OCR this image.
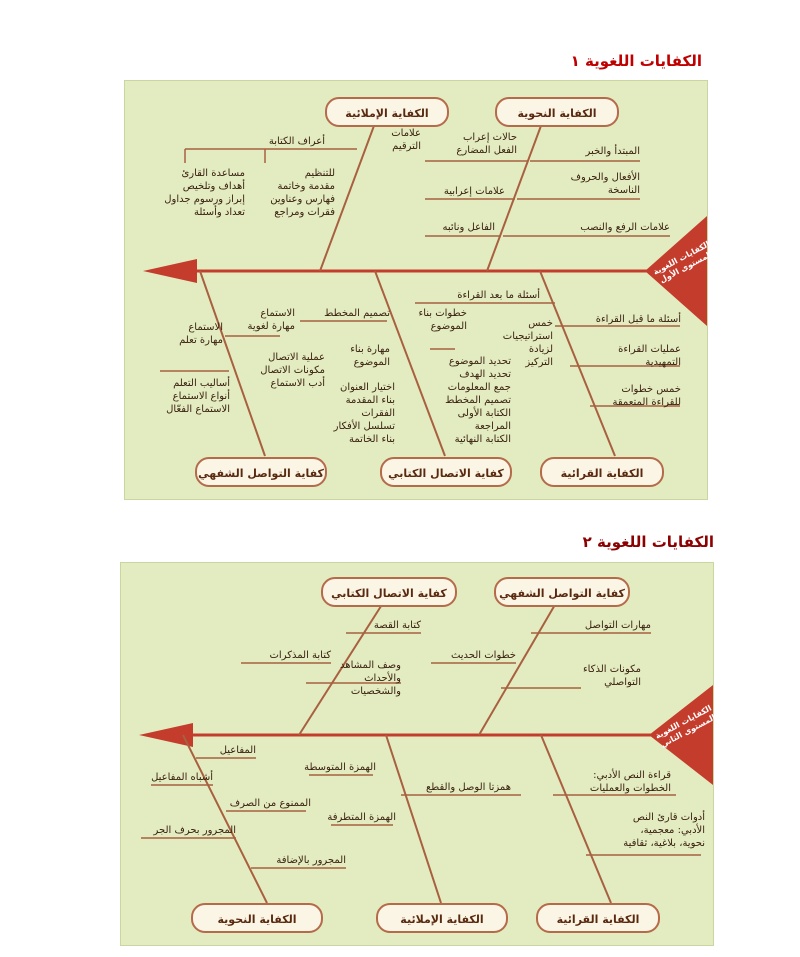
الكفايات اللغوية ١
الكفاية الإملائية	الكفاية النحوية
كفاية التواصل الشفهي	كفاية الاتصال الكتابي	الكفاية القرائية
الكفايات اللغوية
المستوى الأول
أعراف الكتابة
علامات
الترقيم
مساعدة القارئ
أهداف وتلخيص
إبراز ورسوم جداول
تعداد وأسئلة
للتنظيم
مقدمة وخاتمة
فهارس وعناوين
فقرات ومراجع
حالات إعراب
الفعل المضارع
علامات إعرابية
الفاعل ونائبه
المبتدأ والخبر
الأفعال والحروف
الناسخة
علامات الرفع والنصب
أسئلة ما بعد القراءة
أسئلة ما قبل القراءة
عمليات القراءة
التمهيدية
خمس خطوات
للقراءة المتعمقة
خطوات بناء
الموضوع	خمس
استراتيجيات
لزيادة
التركيز
تصميم المخطط
مهارة بناء
الموضوع	تحديد الموضوع
تحديد الهدف
جمع المعلومات
تصميم المخطط
الكتابة الأولى
المراجعة
الكتابة النهائية
اختيار العنوان
بناء المقدمة
الفقرات
تسلسل الأفكار
بناء الخاتمة
الاستماع
مهارة لغوية
الاستماع
مهارة تعلم
عملية الاتصال
مكونات الاتصال
أدب الاستماع
أساليب التعلم
أنواع الاستماع
الاستماع الفعّال
الكفايات اللغوية ٢
كفاية الاتصال الكتابي	كفاية التواصل الشفهي
الكفاية النحوية	الكفاية الإملائية	الكفاية القرائية
الكفايات اللغوية
المستوى الثاني
كتابة القصة
كتابة المذكرات
وصف المشاهد
والأحداث
والشخصيات
مهارات التواصل
خطوات الحديث
مكونات الذكاء
التواصلي
المفاعيل
أشباه المفاعيل
الممنوع من الصرف
المجرور بحرف الجر
المجرور بالإضافة
الهمزة المتوسطة
همزتا الوصل والقطع
الهمزة المتطرفة
قراءة النص الأدبي:
الخطوات والعمليات
أدوات قارئ النص
الأدبي: معجمية،
نحوية، بلاغية، ثقافية
